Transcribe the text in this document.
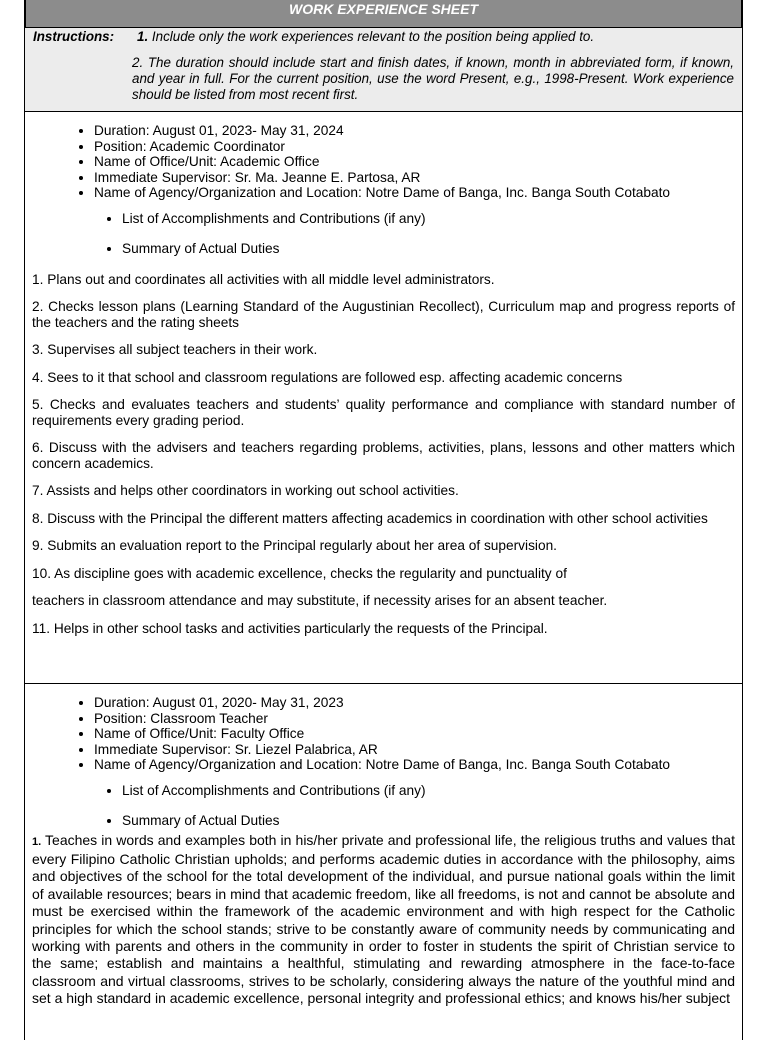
WORK EXPERIENCE SHEET
Instructions:	1. Include only the work experiences relevant to the position being applied to.
2. The duration should include start and finish dates, if known, month in abbreviated form, if known, and year in full. For the current position, use the word Present, e.g., 1998-Present. Work experience should be listed from most recent first.
• Duration: August 01, 2023- May 31, 2024
• Position: Academic Coordinator
• Name of Office/Unit: Academic Office
• Immediate Supervisor: Sr. Ma. Jeanne E. Partosa, AR
• Name of Agency/Organization and Location: Notre Dame of Banga, Inc. Banga South Cotabato
• List of Accomplishments and Contributions (if any)
• Summary of Actual Duties

1. Plans out and coordinates all activities with all middle level administrators.

2. Checks lesson plans (Learning Standard of the Augustinian Recollect), Curriculum map and progress reports of the teachers and the rating sheets

3. Supervises all subject teachers in their work.

4. Sees to it that school and classroom regulations are followed esp. affecting academic concerns

5. Checks and evaluates teachers and students’ quality performance and compliance with standard number of requirements every grading period.

6. Discuss with the advisers and teachers regarding problems, activities, plans, lessons and other matters which concern academics.

7. Assists and helps other coordinators in working out school activities.

8. Discuss with the Principal the different matters affecting academics in coordination with other school activities

9. Submits an evaluation report to the Principal regularly about her area of supervision.

10. As discipline goes with academic excellence, checks the regularity and punctuality of

teachers in classroom attendance and may substitute, if necessity arises for an absent teacher.

11. Helps in other school tasks and activities particularly the requests of the Principal.

• Duration: August 01, 2020- May 31, 2023
• Position: Classroom Teacher
• Name of Office/Unit: Faculty Office
• Immediate Supervisor: Sr. Liezel Palabrica, AR
• Name of Agency/Organization and Location: Notre Dame of Banga, Inc. Banga South Cotabato
• List of Accomplishments and Contributions (if any)
• Summary of Actual Duties

1. Teaches in words and examples both in his/her private and professional life, the religious truths and values that every Filipino Catholic Christian upholds; and performs academic duties in accordance with the philosophy, aims and objectives of the school for the total development of the individual, and pursue national goals within the limit of available resources; bears in mind that academic freedom, like all freedoms, is not and cannot be absolute and must be exercised within the framework of the academic environment and with high respect for the Catholic principles for which the school stands; strive to be constantly aware of community needs by communicating and working with parents and others in the community in order to foster in students the spirit of Christian service to the same; establish and maintains a healthful, stimulating and rewarding atmosphere in the face-to-face classroom and virtual classrooms, strives to be scholarly, considering always the nature of the youthful mind and set a high standard in academic excellence, personal integrity and professional ethics; and knows his/her subject
